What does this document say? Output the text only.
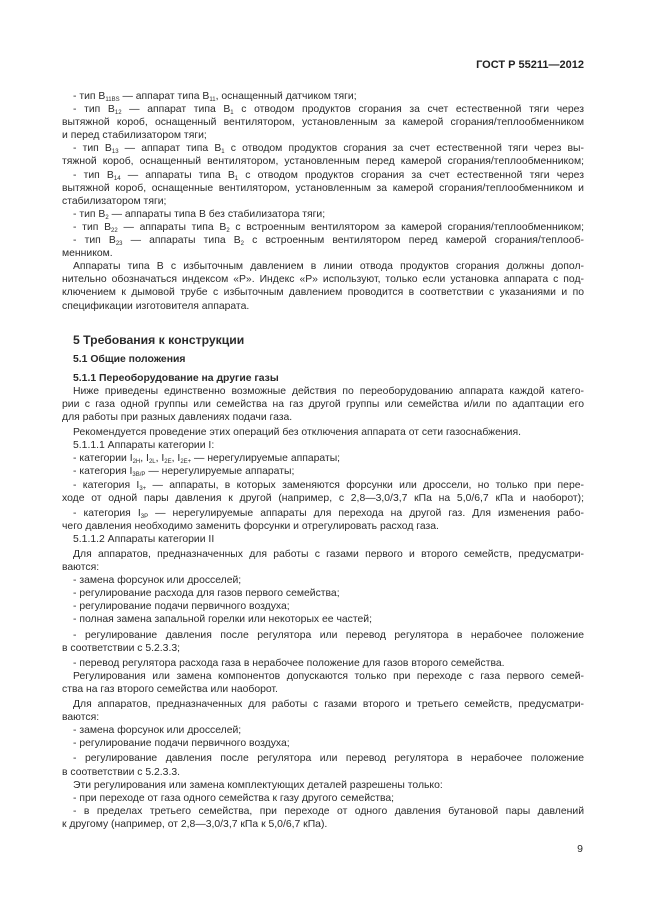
ГОСТ Р 55211—2012
- тип $B_{11BS}$ — аппарат типа $B_{11}$, оснащенный датчиком тяги;
- тип $B_{12}$ — аппарат типа $B_1$ с отводом продуктов сгорания за счет естественной тяги через
вытяжной короб, оснащенный вентилятором, установленным за камерой сгорания/теплообменником
и перед стабилизатором тяги;
- тип $B_{13}$ — аппарат типа $B_1$ с отводом продуктов сгорания за счет естественной тяги через вы-
тяжной короб, оснащенный вентилятором, установленным перед камерой сгорания/теплообменником;
- тип $B_{14}$ — аппараты типа $B_1$ с отводом продуктов сгорания за счет естественной тяги через
вытяжной короб, оснащенные вентилятором, установленным за камерой сгорания/теплообменником и
стабилизатором тяги;
- тип $B_2$ — аппараты типа B без стабилизатора тяги;
- тип $B_{22}$ — аппараты типа $B_2$ с встроенным вентилятором за камерой сгорания/теплообменником;
- тип $B_{23}$ — аппараты типа $B_2$ с встроенным вентилятором перед камерой сгорания/теплооб-
менником.
Аппараты типа B с избыточным давлением в линии отвода продуктов сгорания должны допол-
нительно обозначаться индексом «P». Индекс «P» используют, только если установка аппарата с под-
ключением к дымовой трубе с избыточным давлением проводится в соответствии с указаниями и по
спецификации изготовителя аппарата.
5 Требования к конструкции
5.1 Общие положения
5.1.1 Переоборудование на другие газы
Ниже приведены единственно возможные действия по переоборудованию аппарата каждой катего-
рии с газа одной группы или семейства на газ другой группы или семейства и/или по адаптации его
для работы при разных давлениях подачи газа.
Рекомендуется проведение этих операций без отключения аппарата от сети газоснабжения.
5.1.1.1 Аппараты категории I:
- категории $I_{2H}$, $I_{2L}$, $I_{2E}$, $I_{2E+}$ — нерегулируемые аппараты;
- категория $I_{3B/P}$ — нерегулируемые аппараты;
- категория $I_{3+}$ — аппараты, в которых заменяются форсунки или дроссели, но только при пере-
ходе от одной пары давления к другой (например, с 2,8—3,0/3,7 кПа на 5,0/6,7 кПа и наоборот);
- категория $I_{3P}$ — нерегулируемые аппараты для перехода на другой газ. Для изменения рабо-
чего давления необходимо заменить форсунки и отрегулировать расход газа.
5.1.1.2 Аппараты категории II
Для аппаратов, предназначенных для работы с газами первого и второго семейств, предусматри-
ваются:
- замена форсунок или дросселей;
- регулирование расхода для газов первого семейства;
- регулирование подачи первичного воздуха;
- полная замена запальной горелки или некоторых ее частей;
- регулирование давления после регулятора или перевод регулятора в нерабочее положение
в соответствии с 5.2.3.3;
- перевод регулятора расхода газа в нерабочее положение для газов второго семейства.
Регулирования или замена компонентов допускаются только при переходе с газа первого семей-
ства на газ второго семейства или наоборот.
Для аппаратов, предназначенных для работы с газами второго и третьего семейств, предусматри-
ваются:
- замена форсунок или дросселей;
- регулирование подачи первичного воздуха;
- регулирование давления после регулятора или перевод регулятора в нерабочее положение
в соответствии с 5.2.3.3.
Эти регулирования или замена комплектующих деталей разрешены только:
- при переходе от газа одного семейства к газу другого семейства;
- в пределах третьего семейства, при переходе от одного давления бутановой пары давлений
к другому (например, от 2,8—3,0/3,7 кПа к 5,0/6,7 кПа).
9
